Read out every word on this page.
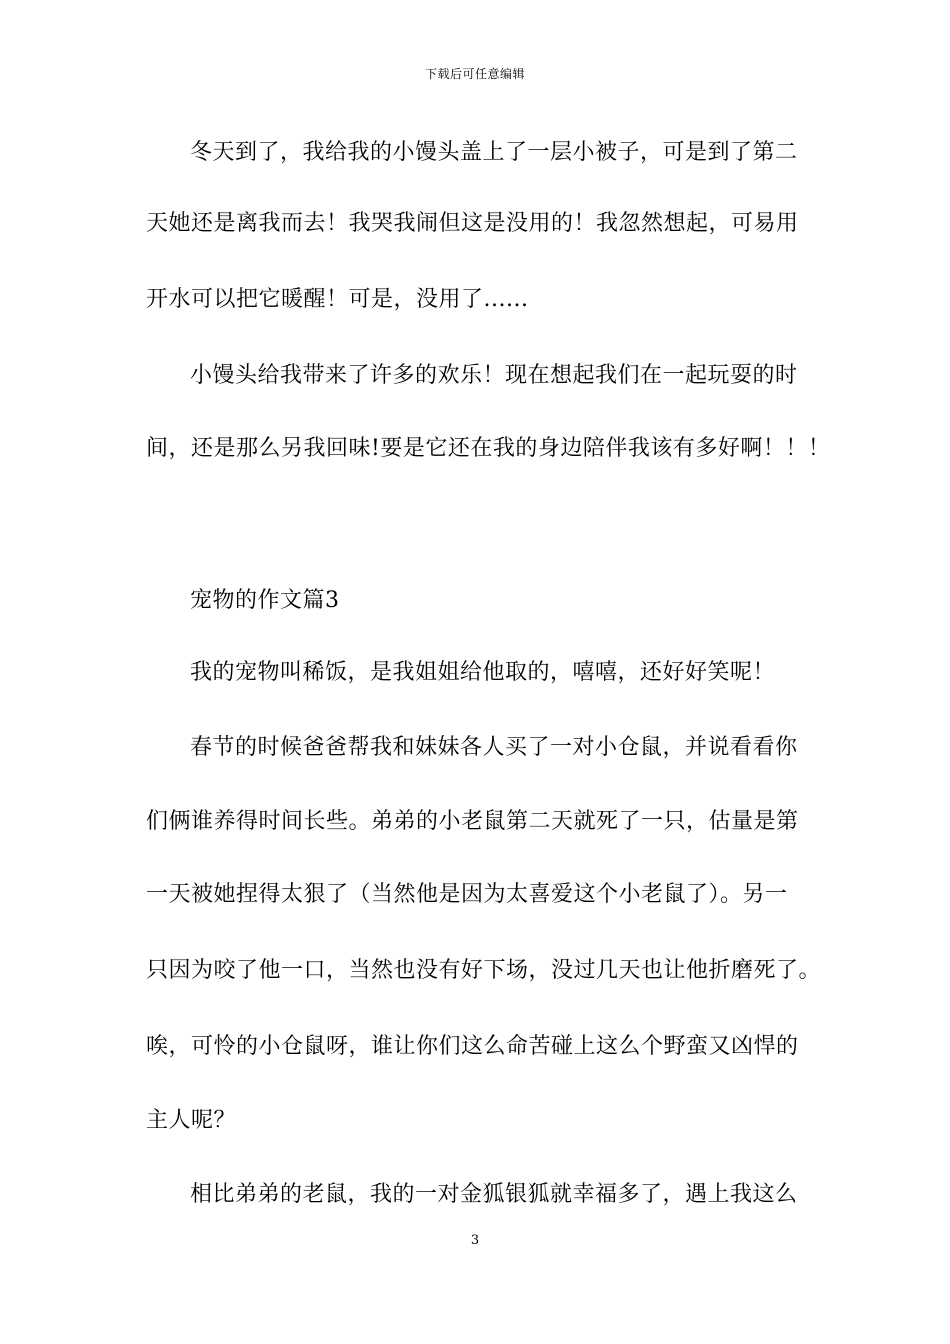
下载后可任意编辑
冬天到了，我给我的小馒头盖上了一层小被子，可是到了第二
天她还是离我而去！我哭我闹但这是没用的！我忽然想起，可易用
开水可以把它暖醒！可是，没用了......
小馒头给我带来了许多的欢乐！现在想起我们在一起玩耍的时
间，还是那么另我回味!要是它还在我的身边陪伴我该有多好啊！！！
宠物的作文篇3
我的宠物叫稀饭，是我姐姐给他取的，嘻嘻，还好好笑呢！
春节的时候爸爸帮我和妹妹各人买了一对小仓鼠，并说看看你
们俩谁养得时间长些。弟弟的小老鼠第二天就死了一只，估量是第
一天被她捏得太狠了（当然他是因为太喜爱这个小老鼠了）。另一
只因为咬了他一口，当然也没有好下场，没过几天也让他折磨死了。
唉，可怜的小仓鼠呀，谁让你们这么命苦碰上这么个野蛮又凶悍的
主人呢？
相比弟弟的老鼠，我的一对金狐银狐就幸福多了，遇上我这么
3
